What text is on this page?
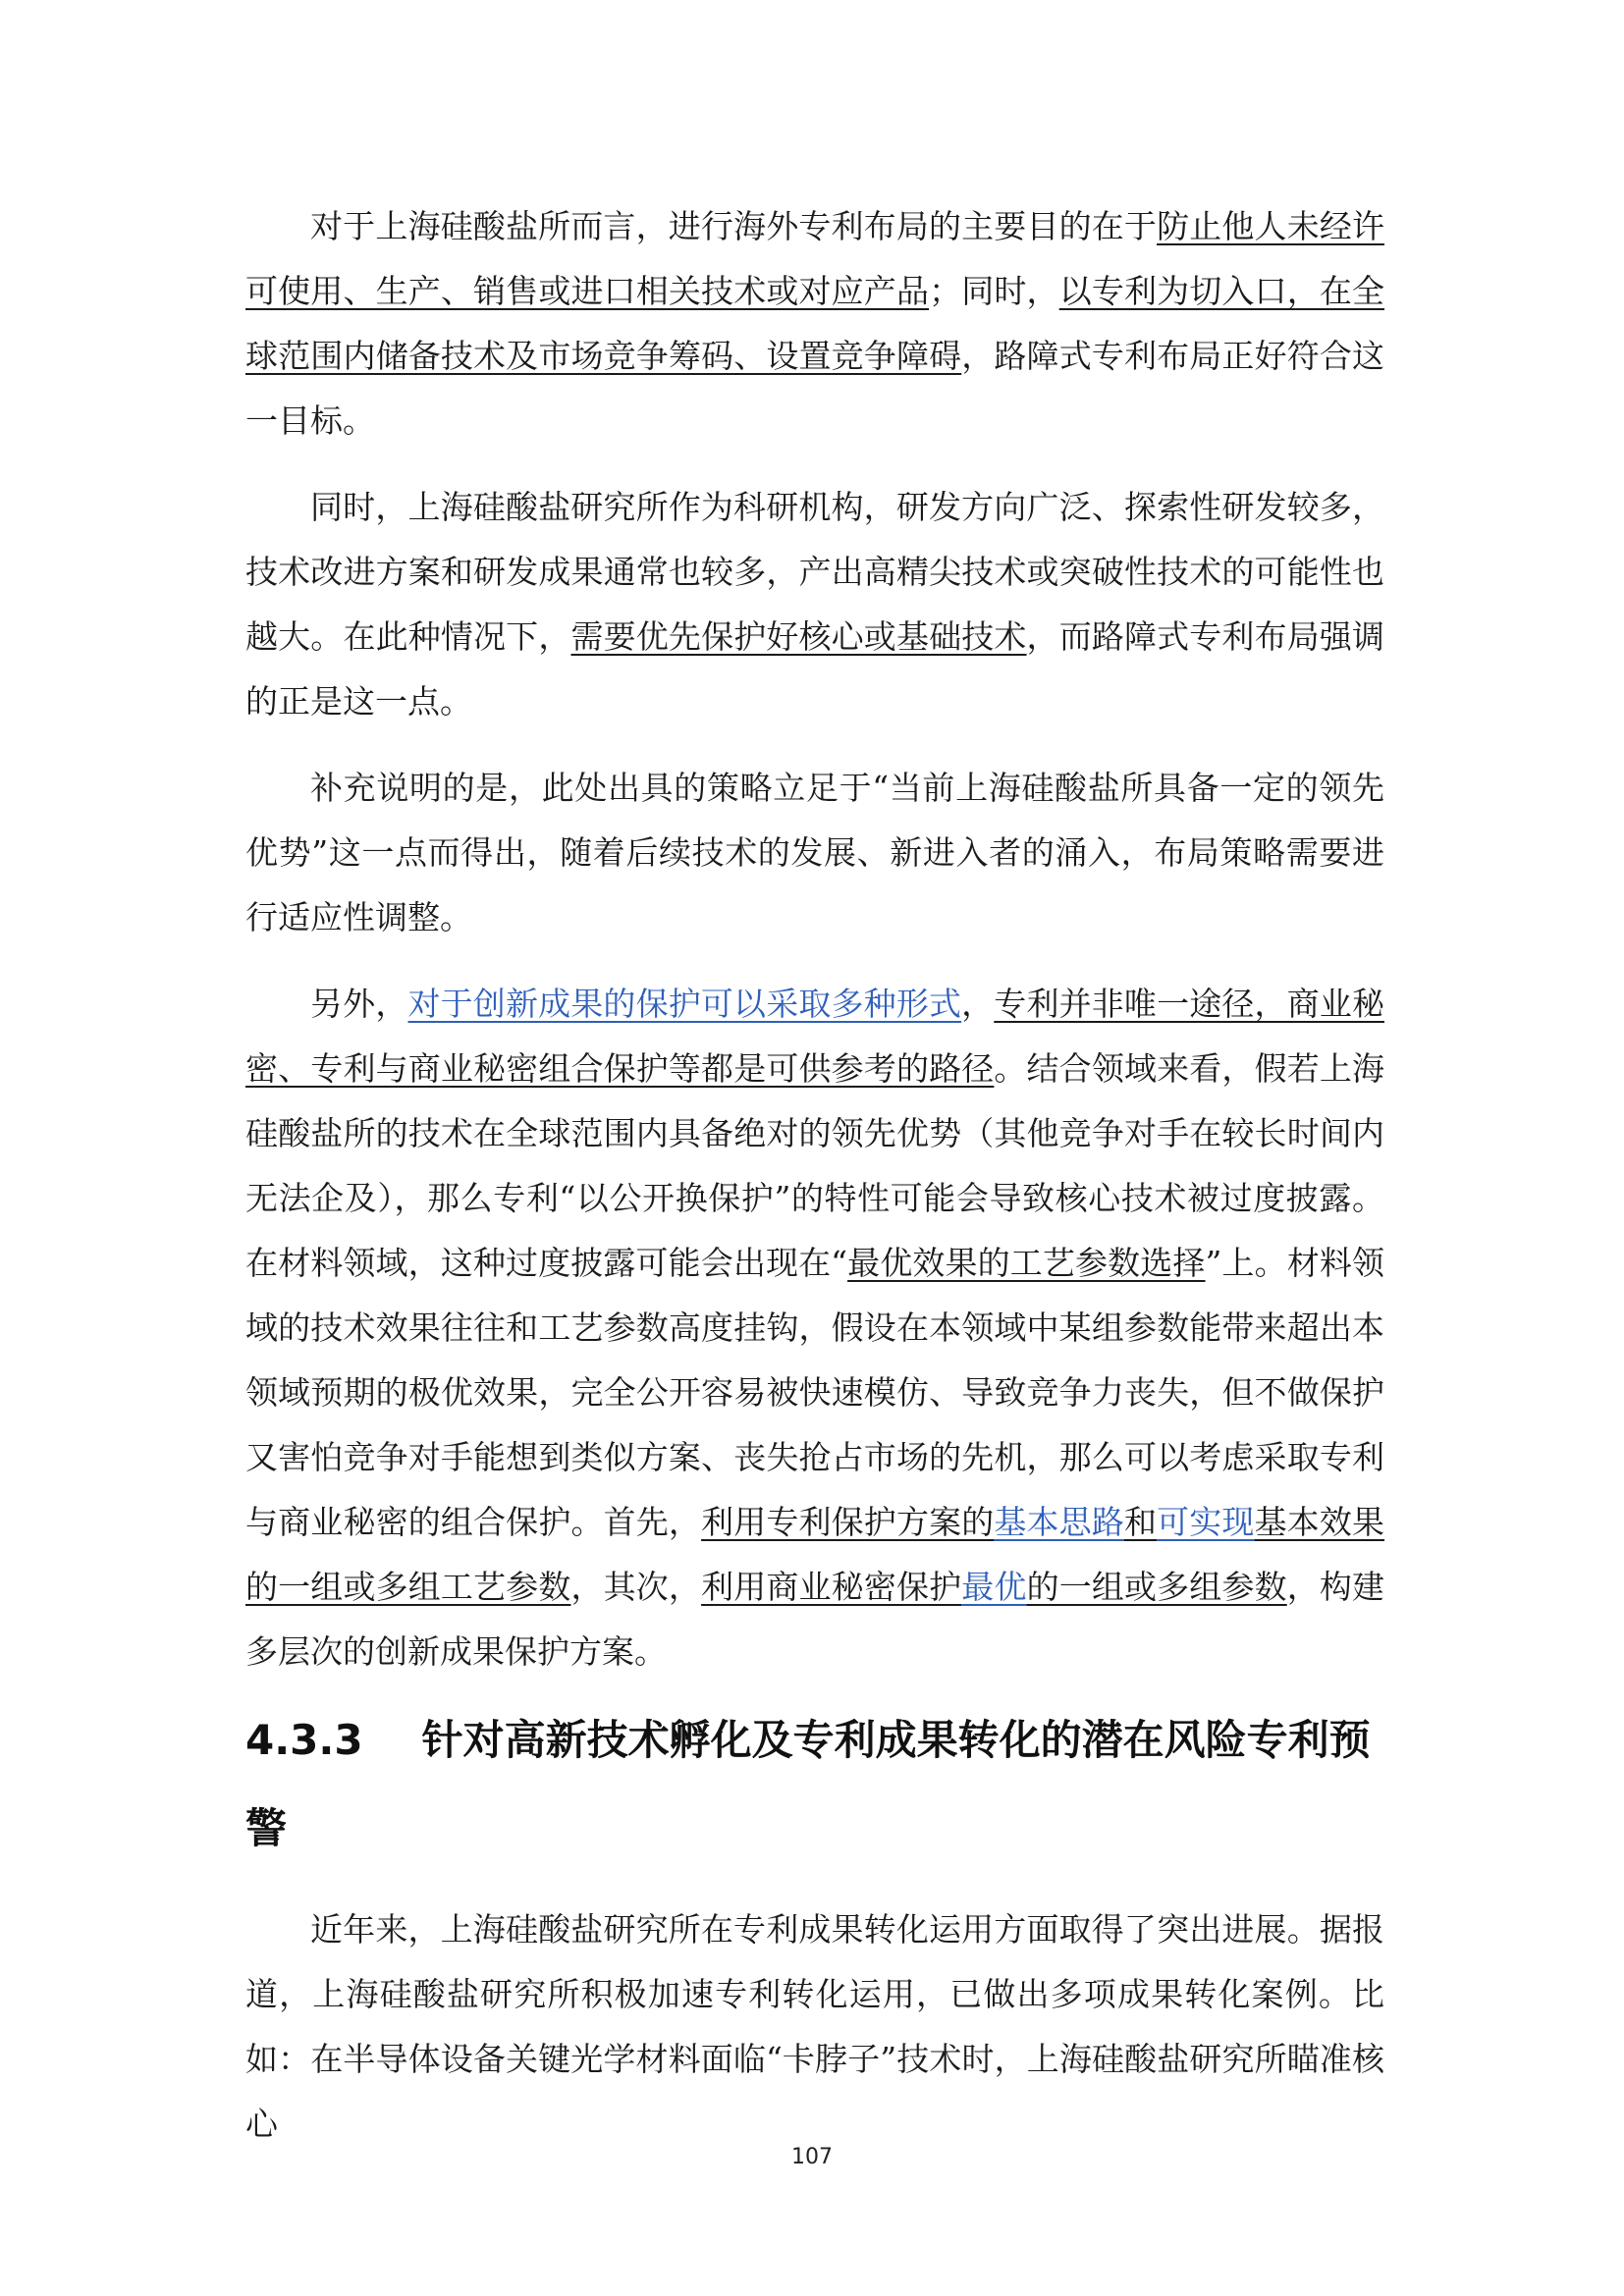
对于上海硅酸盐所而言，进行海外专利布局的主要目的在于防止他人未经许可使用、生产、销售或进口相关技术或对应产品；同时，以专利为切入口，在全球范围内储备技术及市场竞争筹码、设置竞争障碍，路障式专利布局正好符合这一目标。

同时，上海硅酸盐研究所作为科研机构，研发方向广泛、探索性研发较多，技术改进方案和研发成果通常也较多，产出高精尖技术或突破性技术的可能性也越大。在此种情况下，需要优先保护好核心或基础技术，而路障式专利布局强调的正是这一点。

补充说明的是，此处出具的策略立足于“当前上海硅酸盐所具备一定的领先优势”这一点而得出，随着后续技术的发展、新进入者的涌入，布局策略需要进行适应性调整。

另外，对于创新成果的保护可以采取多种形式，专利并非唯一途径，商业秘密、专利与商业秘密组合保护等都是可供参考的路径。结合领域来看，假若上海硅酸盐所的技术在全球范围内具备绝对的领先优势（其他竞争对手在较长时间内无法企及），那么专利“以公开换保护”的特性可能会导致核心技术被过度披露。在材料领域，这种过度披露可能会出现在“最优效果的工艺参数选择”上。材料领域的技术效果往往和工艺参数高度挂钩，假设在本领域中某组参数能带来超出本领域预期的极优效果，完全公开容易被快速模仿、导致竞争力丧失，但不做保护又害怕竞争对手能想到类似方案、丧失抢占市场的先机，那么可以考虑采取专利与商业秘密的组合保护。首先，利用专利保护方案的基本思路和可实现基本效果的一组或多组工艺参数，其次，利用商业秘密保护最优的一组或多组参数，构建多层次的创新成果保护方案。

4.3.3 针对高新技术孵化及专利成果转化的潜在风险专利预警

近年来，上海硅酸盐研究所在专利成果转化运用方面取得了突出进展。据报道，上海硅酸盐研究所积极加速专利转化运用，已做出多项成果转化案例。比如：在半导体设备关键光学材料面临“卡脖子”技术时，上海硅酸盐研究所瞄准核心

107
